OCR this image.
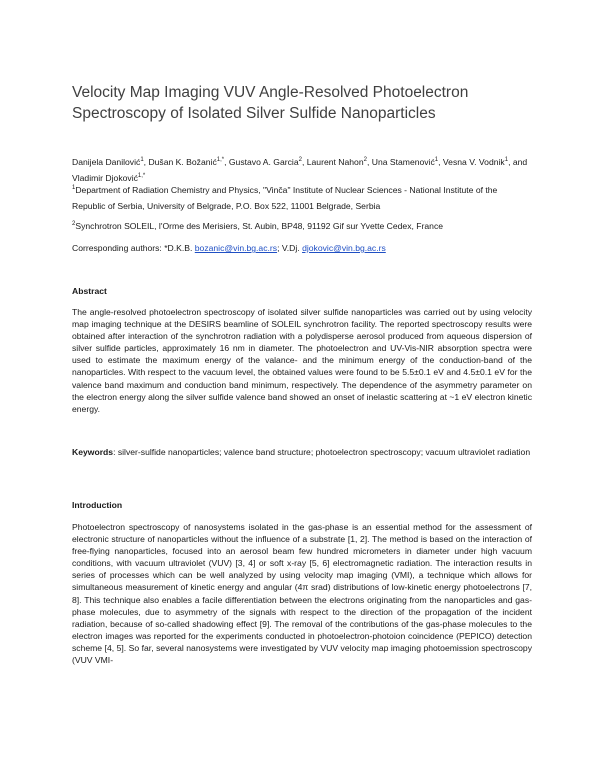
Velocity Map Imaging VUV Angle-Resolved Photoelectron Spectroscopy of Isolated Silver Sulfide Nanoparticles

Danijela Danilović$^1$, Dušan K. Božanić$^{1,*}$, Gustavo A. Garcia$^2$, Laurent Nahon$^2$, Una Stamenović$^1$, Vesna V. Vodnik$^1$, and Vladimir Djoković$^{1,*}$

$^1$Department of Radiation Chemistry and Physics, "Vinča" Institute of Nuclear Sciences - National Institute of the Republic of Serbia, University of Belgrade, P.O. Box 522, 11001 Belgrade, Serbia

$^2$Synchrotron SOLEIL, l'Orme des Merisiers, St. Aubin, BP48, 91192 Gif sur Yvette Cedex, France

Corresponding authors: *D.K.B. bozanic@vin.bg.ac.rs; V.Dj. djokovic@vin.bg.ac.rs

Abstract

The angle-resolved photoelectron spectroscopy of isolated silver sulfide nanoparticles was carried out by using velocity map imaging technique at the DESIRS beamline of SOLEIL synchrotron facility. The reported spectroscopy results were obtained after interaction of the synchrotron radiation with a polydisperse aerosol produced from aqueous dispersion of silver sulfide particles, approximately 16 nm in diameter. The photoelectron and UV-Vis-NIR absorption spectra were used to estimate the maximum energy of the valance- and the minimum energy of the conduction-band of the nanoparticles. With respect to the vacuum level, the obtained values were found to be 5.5±0.1 eV and 4.5±0.1 eV for the valence band maximum and conduction band minimum, respectively. The dependence of the asymmetry parameter on the electron energy along the silver sulfide valence band showed an onset of inelastic scattering at ~1 eV electron kinetic energy.

Keywords: silver-sulfide nanoparticles; valence band structure; photoelectron spectroscopy; vacuum ultraviolet radiation

Introduction

Photoelectron spectroscopy of nanosystems isolated in the gas-phase is an essential method for the assessment of electronic structure of nanoparticles without the influence of a substrate [1, 2]. The method is based on the interaction of free-flying nanoparticles, focused into an aerosol beam few hundred micrometers in diameter under high vacuum conditions, with vacuum ultraviolet (VUV) [3, 4] or soft x-ray [5, 6] electromagnetic radiation. The interaction results in series of processes which can be well analyzed by using velocity map imaging (VMI), a technique which allows for simultaneous measurement of kinetic energy and angular (4π srad) distributions of low-kinetic energy photoelectrons [7, 8]. This technique also enables a facile differentiation between the electrons originating from the nanoparticles and gas-phase molecules, due to asymmetry of the signals with respect to the direction of the propagation of the incident radiation, because of so-called shadowing effect [9]. The removal of the contributions of the gas-phase molecules to the electron images was reported for the experiments conducted in photoelectron-photoion coincidence (PEPICO) detection scheme [4, 5]. So far, several nanosystems were investigated by VUV velocity map imaging photoemission spectroscopy (VUV VMI-
